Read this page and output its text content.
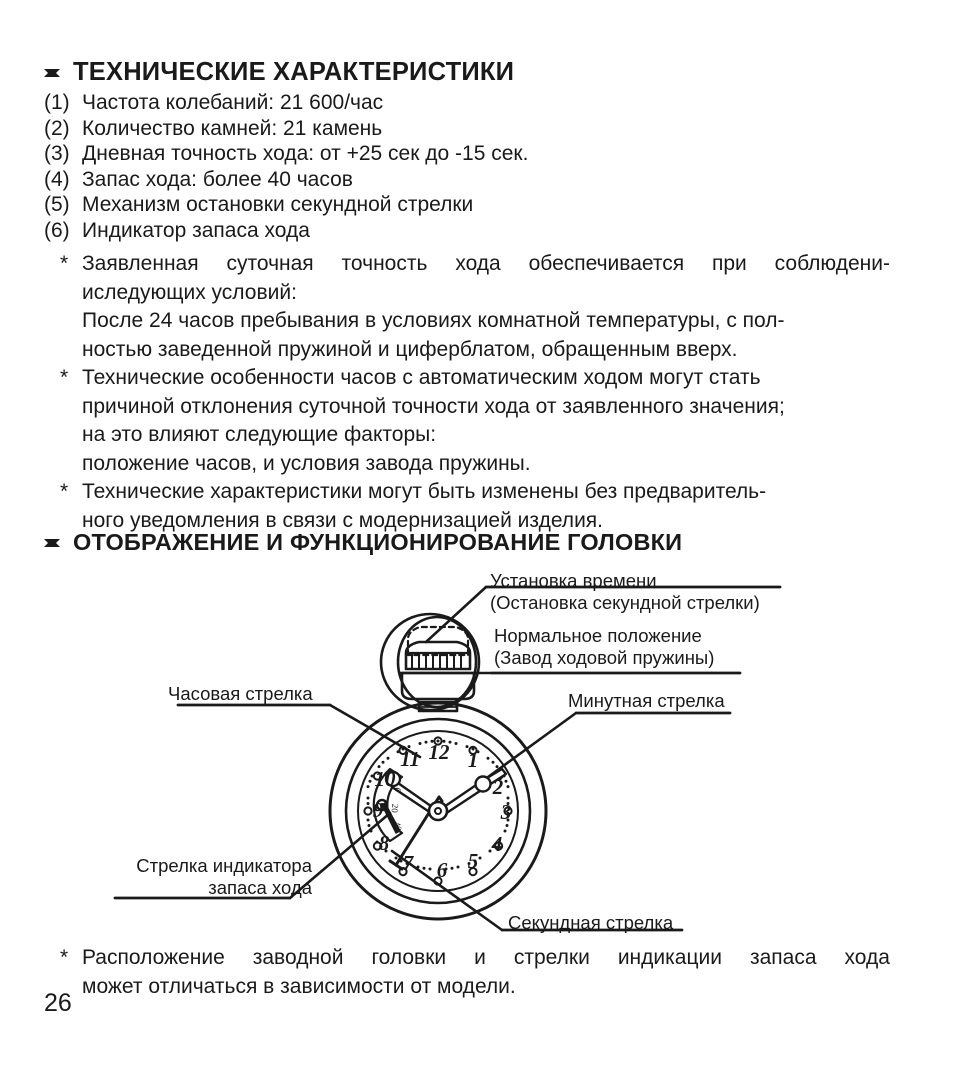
ТЕХНИЧЕСКИЕ ХАРАКТЕРИСТИКИ
(1) Частота колебаний: 21 600/час
(2) Количество камней: 21 камень
(3) Дневная точность хода: от +25 сек до -15 сек.
(4) Запас хода: более 40 часов
(5) Механизм остановки секундной стрелки
(6) Индикатор запаса хода
* Заявленная суточная точность хода обеспечивается при соблюдени-
иследующих условий:
После 24 часов пребывания в условиях комнатной температуры, с пол-
ностью заведенной пружиной и циферблатом, обращенным вверх.
* Технические особенности часов с автоматическим ходом могут стать
причиной отклонения суточной точности хода от заявленного значения;
на это влияют следующие факторы:
положение часов, и условия завода пружины.
* Технические характеристики могут быть изменены без предваритель-
ного уведомления в связи с модернизацией изделия.
ОТОБРАЖЕНИЕ И ФУНКЦИОНИРОВАНИЕ ГОЛОВКИ
1
2
3
4
5
6
7
8
9
10
11 12
0
20
40
Установка времени
(Остановка секундной стрелки)
Нормальное положение
(Завод ходовой пружины)
Часовая стрелка	Минутная стрелка
Стрелка индикатора
запаса хода
Секундная стрелка
* Расположение заводной головки и стрелки индикации запаса хода
может отличаться в зависимости от модели.
26
